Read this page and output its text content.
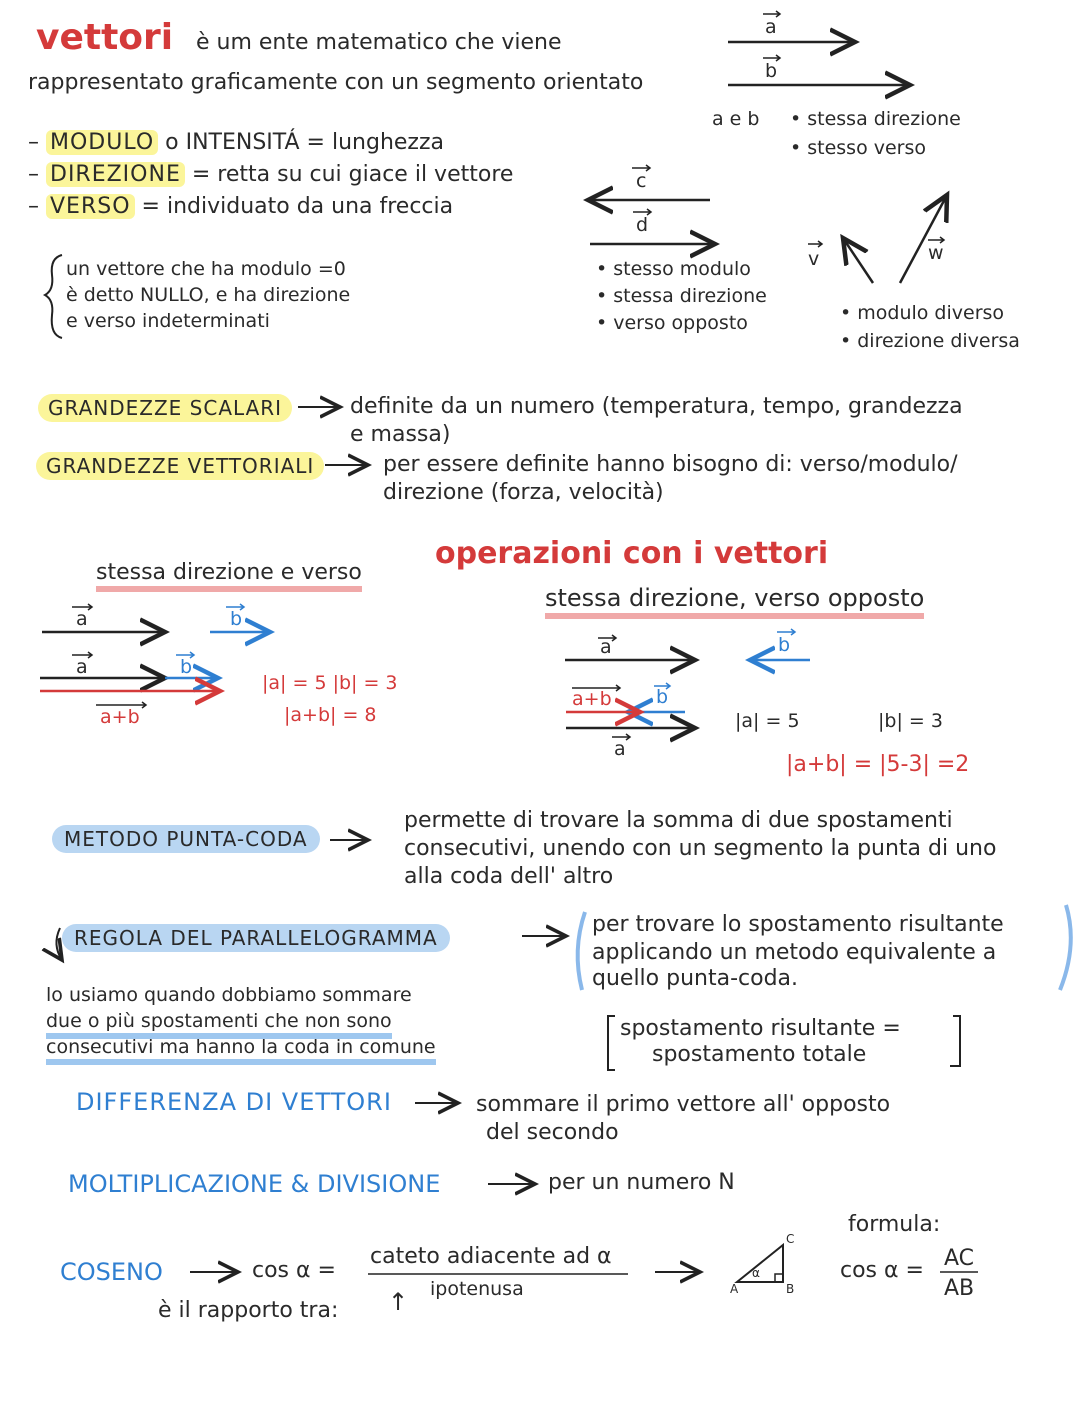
vettori è um ente matematico che viene
rappresentato graficamente con un segmento orientato
– MODULO o INTENSITÁ = lunghezza
– DIREZIONE = retta su cui giace il vettore
– VERSO = individuato da una freccia
un vettore che ha modulo =0
è detto NULLO, e ha direzione
e verso indeterminati
a
b
a e b • stessa direzione
• stesso verso
c
d
• stesso modulo
• stessa direzione
• verso opposto
v	w
• modulo diverso
• direzione diversa
GRANDEZZE SCALARI	definite da un numero (temperatura, tempo, grandezza
e massa)
GRANDEZZE VETTORIALI	per essere definite hanno bisogno di: verso/modulo/
direzione (forza, velocità)
operazioni con i vettori
stessa direzione e verso
a	b
a	b
a+b
|a| = 5 |b| = 3
|a+b| = 8
stessa direzione, verso opposto
a	b
a+b b
a
|a| = 5	|b| = 3
|a+b| = |5-3| =2
METODO PUNTA-CODA
permette di trovare la somma di due spostamenti
consecutivi, unendo con un segmento la punta di uno
alla coda dell' altro
REGOLA DEL PARALLELOGRAMMA
per trovare lo spostamento risultante
applicando un metodo equivalente a
quello punta-coda.
lo usiamo quando dobbiamo sommare
due o più spostamenti che non sono
consecutivi ma hanno la coda in comune
spostamento risultante =
spostamento totale
DIFFERENZA DI VETTORI	sommare il primo vettore all' opposto
del secondo
MOLTIPLICAZIONE & DIVISIONE	per un numero N
COSENO	cos α =
cateto adiacente ad α
ipotenusa
è il rapporto tra: ↑	A	B
C
α
formula:
cos α = AC
AB
